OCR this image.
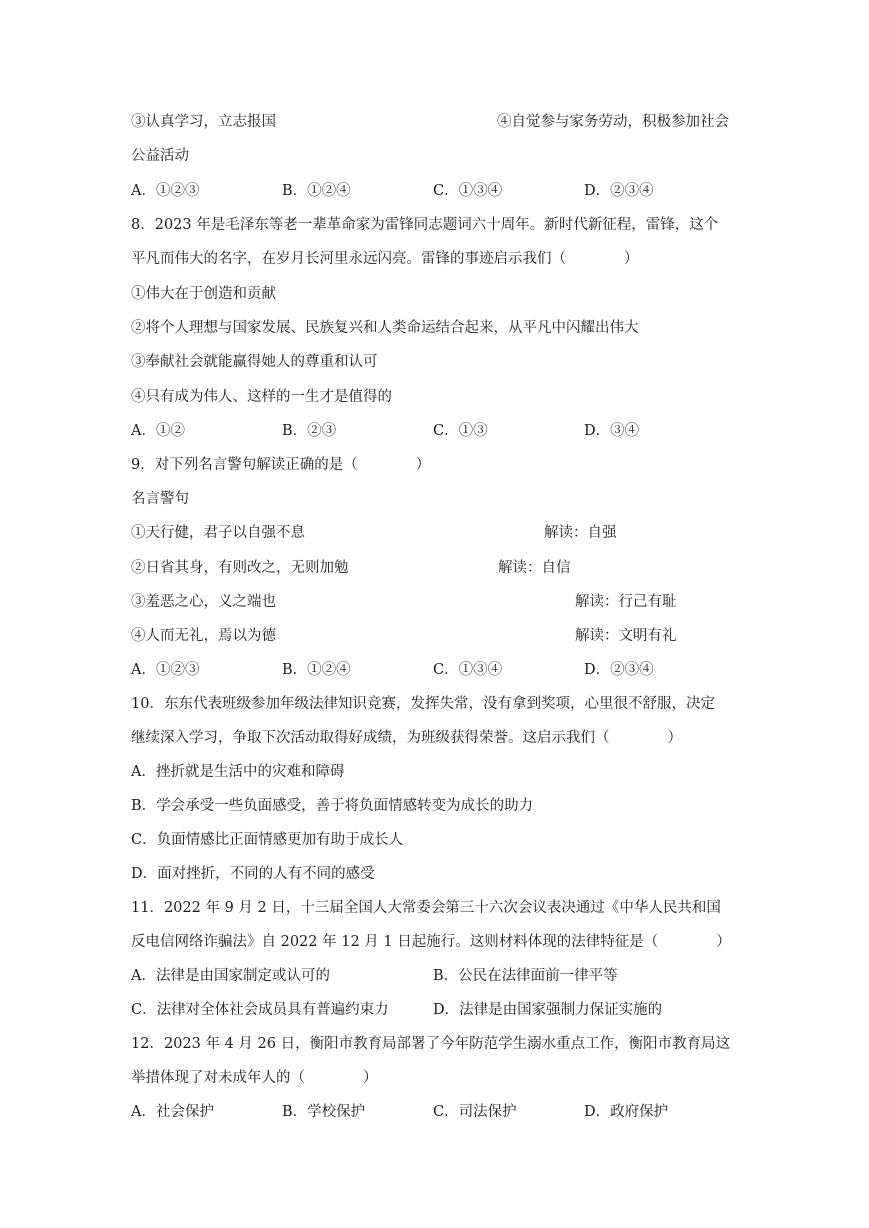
③认真学习，立志报国	④自觉参与家务劳动，积极参加社会
公益活动
A．①②③	B．①②④	C．①③④	D．②③④
8．2023 年是毛泽东等老一辈革命家为雷锋同志题词六十周年。新时代新征程，雷锋，这个
平凡而伟大的名字，在岁月长河里永远闪亮。雷锋的事迹启示我们（　　　　）
①伟大在于创造和贡献
②将个人理想与国家发展、民族复兴和人类命运结合起来，从平凡中闪耀出伟大
③奉献社会就能赢得她人的尊重和认可
④只有成为伟人、这样的一生才是值得的
A．①②	B．②③	C．①③	D．③④
9．对下列名言警句解读正确的是（　　　　）
名言警句
①天行健，君子以自强不息	解读：自强
②日省其身，有则改之，无则加勉	解读：自信
③羞恶之心，义之端也	解读：行己有耻
④人而无礼，焉以为德	解读：文明有礼
A．①②③	B．①②④	C．①③④	D．②③④
10．东东代表班级参加年级法律知识竞赛，发挥失常，没有拿到奖项，心里很不舒服，决定
继续深入学习，争取下次活动取得好成绩，为班级获得荣誉。这启示我们（　　　　）
A．挫折就是生活中的灾难和障碍
B．学会承受一些负面感受，善于将负面情感转变为成长的助力
C．负面情感比正面情感更加有助于成长人
D．面对挫折，不同的人有不同的感受
11．2022 年 9 月 2 日，十三届全国人大常委会第三十六次会议表决通过《中华人民共和国
反电信网络诈骗法》自 2022 年 12 月 1 日起施行。这则材料体现的法律特征是（　　　　）
A．法律是由国家制定或认可的	B．公民在法律面前一律平等
C．法律对全体社会成员具有普遍约束力	D．法律是由国家强制力保证实施的
12．2023 年 4 月 26 日，衡阳市教育局部署了今年防范学生溺水重点工作，衡阳市教育局这
举措体现了对未成年人的（　　　　）
A．社会保护	B．学校保护	C．司法保护	D．政府保护
